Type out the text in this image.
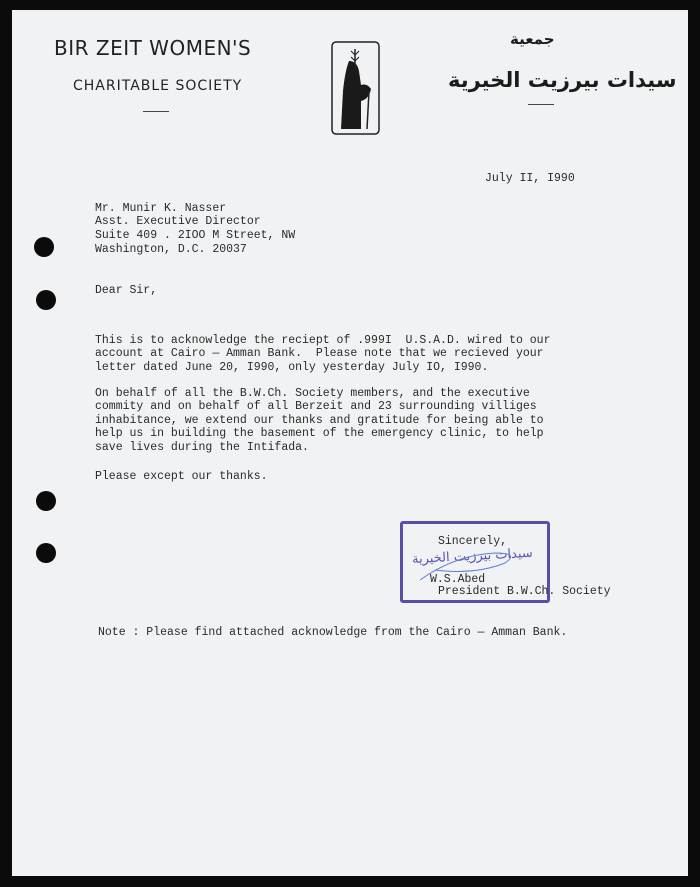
BIR ZEIT WOMEN'S
CHARITABLE SOCIETY
جمعية
سيدات بيرزيت الخيرية
July II, I990
Mr. Munir K. Nasser
Asst. Executive Director
Suite 409 . 2IOO M Street, NW
Washington, D.C. 20037
Dear Sir,

This is to acknowledge the reciept of .999I  U.S.A.D. wired to our
account at Cairo — Amman Bank.  Please note that we recieved your
letter dated June 20, I990, only yesterday July IO, I990.

On behalf of all the B.W.Ch. Society members, and the executive
commity and on behalf of all Berzeit and 23 surrounding villiges
inhabitance, we extend our thanks and gratitude for being able to
help us in building the basement of the emergency clinic, to help
save lives during the Intifada.

Please except our thanks.

سيدات بيرزيت الخيرية
Sincerely,
W.S.Abed
President B.W.Ch. Society
Note : Please find attached acknowledge from the Cairo — Amman Bank.
